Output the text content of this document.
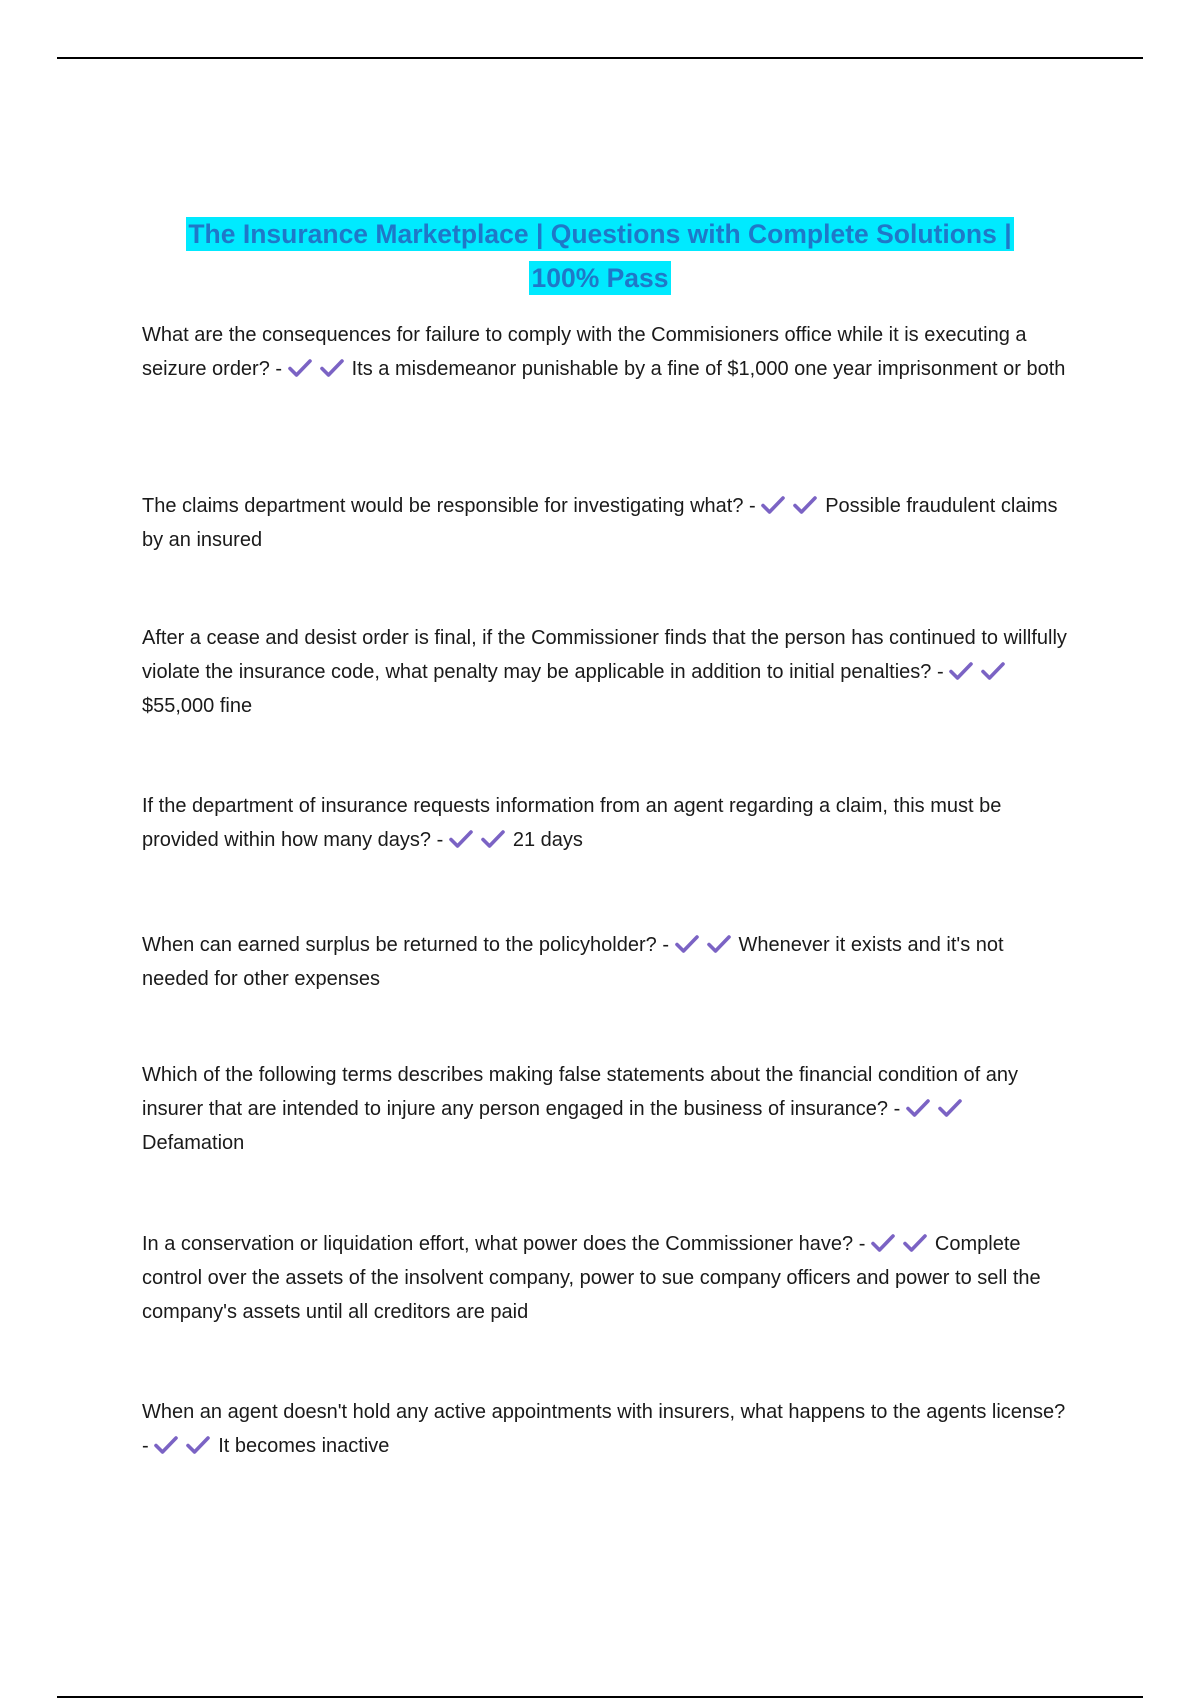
The Insurance Marketplace | Questions with Complete Solutions |
100% Pass

What are the consequences for failure to comply with the Commisioners office while it is executing a seizure order? -	Its a misdemeanor punishable by a fine of $1,000 one year imprisonment or both

The claims department would be responsible for investigating what? -	Possible fraudulent claims by an insured

After a cease and desist order is final, if the Commissioner finds that the person has continued to willfully violate the insurance code, what penalty may be applicable in addition to initial penalties? -
$55,000 fine

If the department of insurance requests information from an agent regarding a claim, this must be provided within how many days? -	21 days

When can earned surplus be returned to the policyholder? -	Whenever it exists and it's not needed for other expenses

Which of the following terms describes making false statements about the financial condition of any insurer that are intended to injure any person engaged in the business of insurance? -
Defamation

In a conservation or liquidation effort, what power does the Commissioner have? -	Complete control over the assets of the insolvent company, power to sue company officers and power to sell the company's assets until all creditors are paid

When an agent doesn't hold any active appointments with insurers, what happens to the agents license? -	It becomes inactive
